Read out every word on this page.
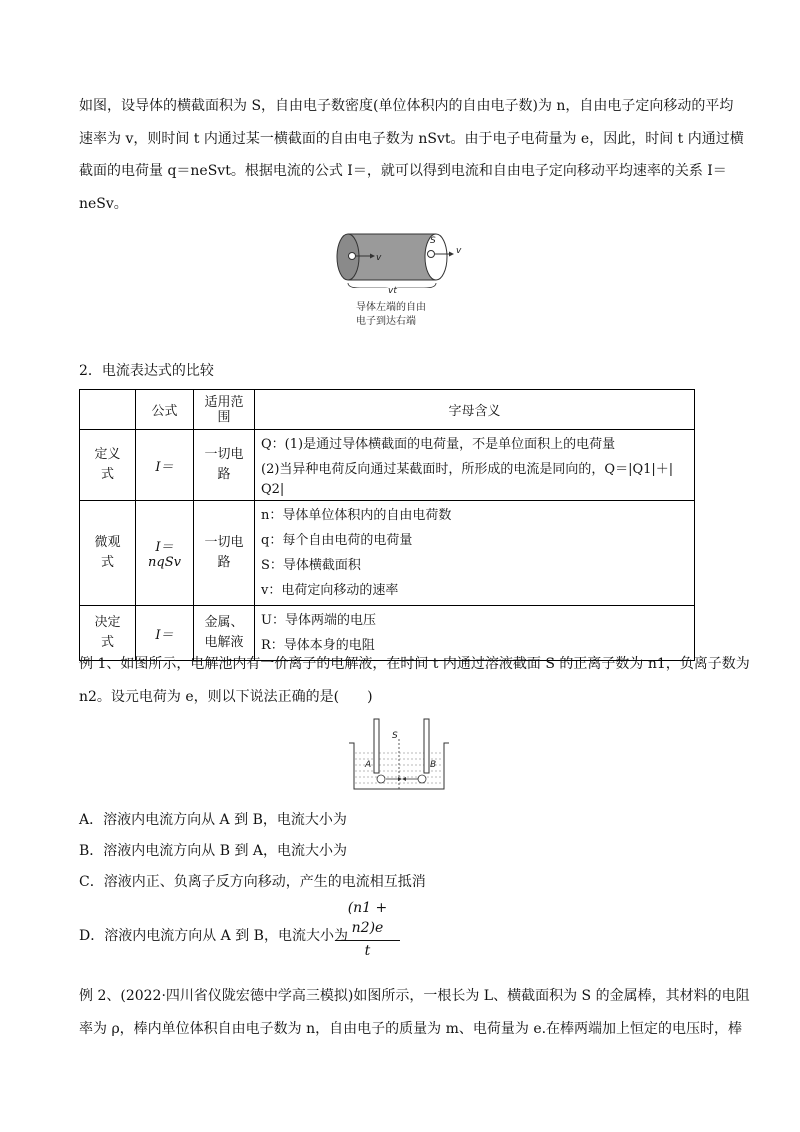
如图，设导体的横截面积为 S，自由电子数密度(单位体积内的自由电子数)为 n，自由电子定向移动的平均
速率为 v，则时间 t 内通过某一横截面的自由电子数为 nSvt。由于电子电荷量为 e，因此，时间 t 内通过横
截面的电荷量 q＝neSvt。根据电流的公式 I＝，就可以得到电流和自由电子定向移动平均速率的关系 I＝
neSv。
v
S
v
vt
导体左端的自由
电子到达右端
2．电流表达式的比较
	公式	适用范围	字母含义
定义式	I＝	一切电路	Q：(1)是通过导体横截面的电荷量，不是单位面积上的电荷量
(2)当异种电荷反向通过某截面时，所形成的电流是同向的，Q＝|Q1|＋|
Q2|

微观式	I＝nqSv	一切电路	n：导体单位体积内的自由电荷数
q：每个自由电荷的电荷量
S：导体横截面积
v：电荷定向移动的速率

决定式	I＝	金属、电解液	U：导体两端的电压
R：导体本身的电阻
例 1、如图所示，电解池内有一价离子的电解液，在时间 t 内通过溶液截面 S 的正离子数为 n1，负离子数为
n2。设元电荷为 e，则以下说法正确的是(　　)
S
A	B
A．溶液内电流方向从 A 到 B，电流大小为
B．溶液内电流方向从 B 到 A，电流大小为
C．溶液内正、负离子反方向移动，产生的电流相互抵消
D．溶液内电流方向从 A 到 B，电流大小为
(n1 + n2)e
t
例 2、(2022·四川省仪陇宏德中学高三模拟)如图所示，一根长为 L、横截面积为 S 的金属棒，其材料的电阻
率为 ρ，棒内单位体积自由电子数为 n，自由电子的质量为 m、电荷量为 e.在棒两端加上恒定的电压时，棒
